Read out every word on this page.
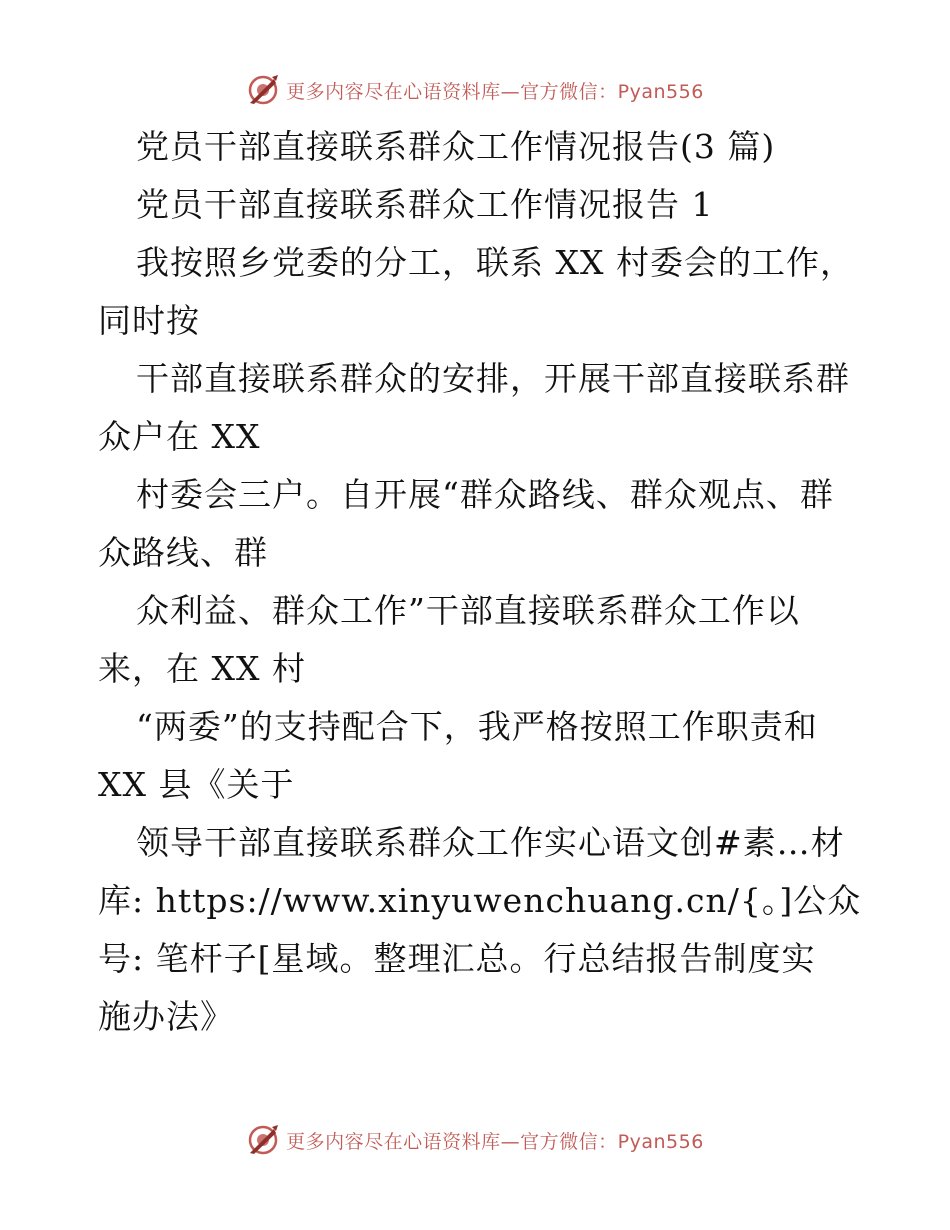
更多内容尽在心语资料库—官方微信：Pyan556
党员干部直接联系群众工作情况报告(3 篇)
党员干部直接联系群众工作情况报告 1
我按照乡党委的分工，联系 XX 村委会的工作，
同时按
干部直接联系群众的安排，开展干部直接联系群
众户在 XX
村委会三户。自开展“群众路线、群众观点、群
众路线、群
众利益、群众工作”干部直接联系群众工作以
来，在 XX 村
“两委”的支持配合下，我严格按照工作职责和
XX 县《关于
领导干部直接联系群众工作实心语文创#素…材
库: https://www.xinyuwenchuang.cn/{。]公众
号: 笔杆子[星域。整理汇总。行总结报告制度实
施办法》
更多内容尽在心语资料库—官方微信：Pyan556
